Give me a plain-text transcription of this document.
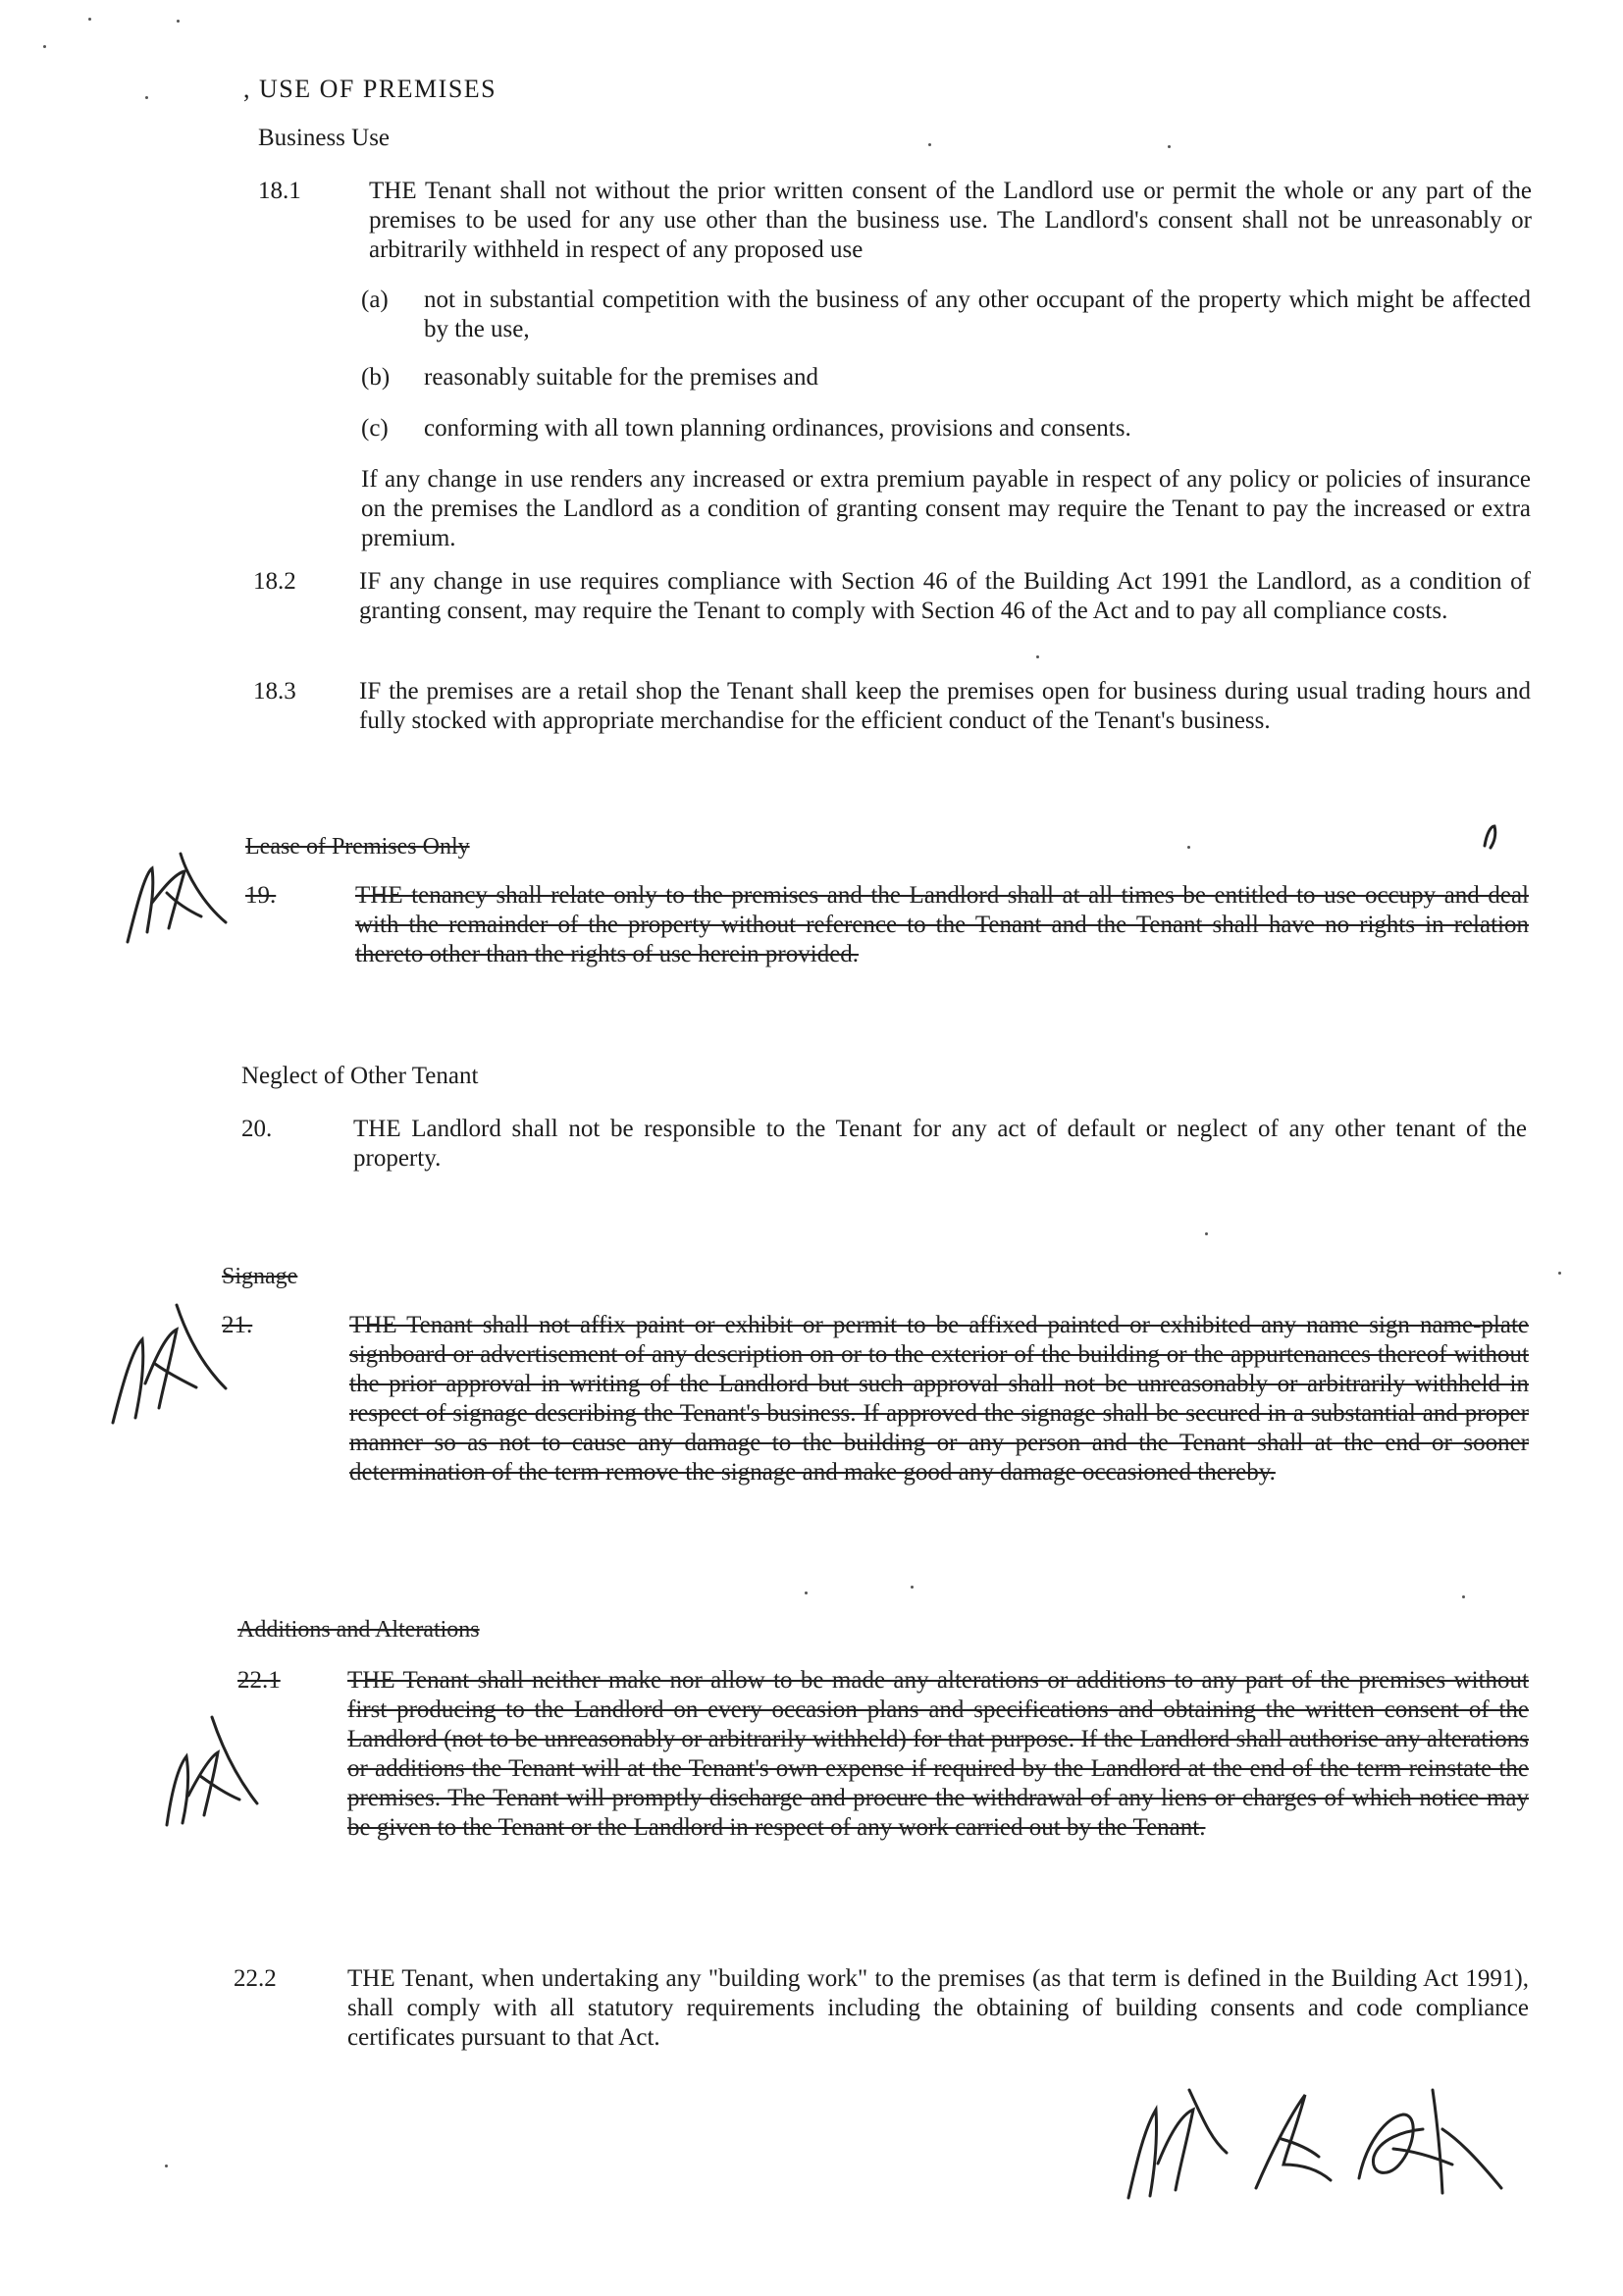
, USE OF PREMISES
Business Use
18.1	THE Tenant shall not without the prior written consent of the Landlord use or permit the whole or any part of the premises to be used for any use other than the business use. The Landlord's consent shall not be unreasonably or arbitrarily withheld in respect of any proposed use
(a)	not in substantial competition with the business of any other occupant of the property which might be affected by the use,
(b)	reasonably suitable for the premises and
(c)	conforming with all town planning ordinances, provisions and consents.
If any change in use renders any increased or extra premium payable in respect of any policy or policies of insurance on the premises the Landlord as a condition of granting consent may require the Tenant to pay the increased or extra premium.
18.2	IF any change in use requires compliance with Section 46 of the Building Act 1991 the Landlord, as a condition of granting consent, may require the Tenant to comply with Section 46 of the Act and to pay all compliance costs.
18.3	IF the premises are a retail shop the Tenant shall keep the premises open for business during usual trading hours and fully stocked with appropriate merchandise for the efficient conduct of the Tenant's business.
Lease of Premises Only
19.	THE tenancy shall relate only to the premises and the Landlord shall at all times be entitled to use occupy and deal with the remainder of the property without reference to the Tenant and the Tenant shall have no rights in relation thereto other than the rights of use herein provided.
Neglect of Other Tenant
20.	THE Landlord shall not be responsible to the Tenant for any act of default or neglect of any other tenant of the property.
Signage
21.	THE Tenant shall not affix paint or exhibit or permit to be affixed painted or exhibited any name sign name-plate signboard or advertisement of any description on or to the exterior of the building or the appurtenances thereof without the prior approval in writing of the Landlord but such approval shall not be unreasonably or arbitrarily withheld in respect of signage describing the Tenant's business. If approved the signage shall be secured in a substantial and proper manner so as not to cause any damage to the building or any person and the Tenant shall at the end or sooner determination of the term remove the signage and make good any damage occasioned thereby.
Additions and Alterations
22.1	THE Tenant shall neither make nor allow to be made any alterations or additions to any part of the premises without first producing to the Landlord on every occasion plans and specifications and obtaining the written consent of the Landlord (not to be unreasonably or arbitrarily withheld) for that purpose. If the Landlord shall authorise any alterations or additions the Tenant will at the Tenant's own expense if required by the Landlord at the end of the term reinstate the premises. The Tenant will promptly discharge and procure the withdrawal of any liens or charges of which notice may be given to the Tenant or the Landlord in respect of any work carried out by the Tenant.
22.2	THE Tenant, when undertaking any "building work" to the premises (as that term is defined in the Building Act 1991), shall comply with all statutory requirements including the obtaining of building consents and code compliance certificates pursuant to that Act.
